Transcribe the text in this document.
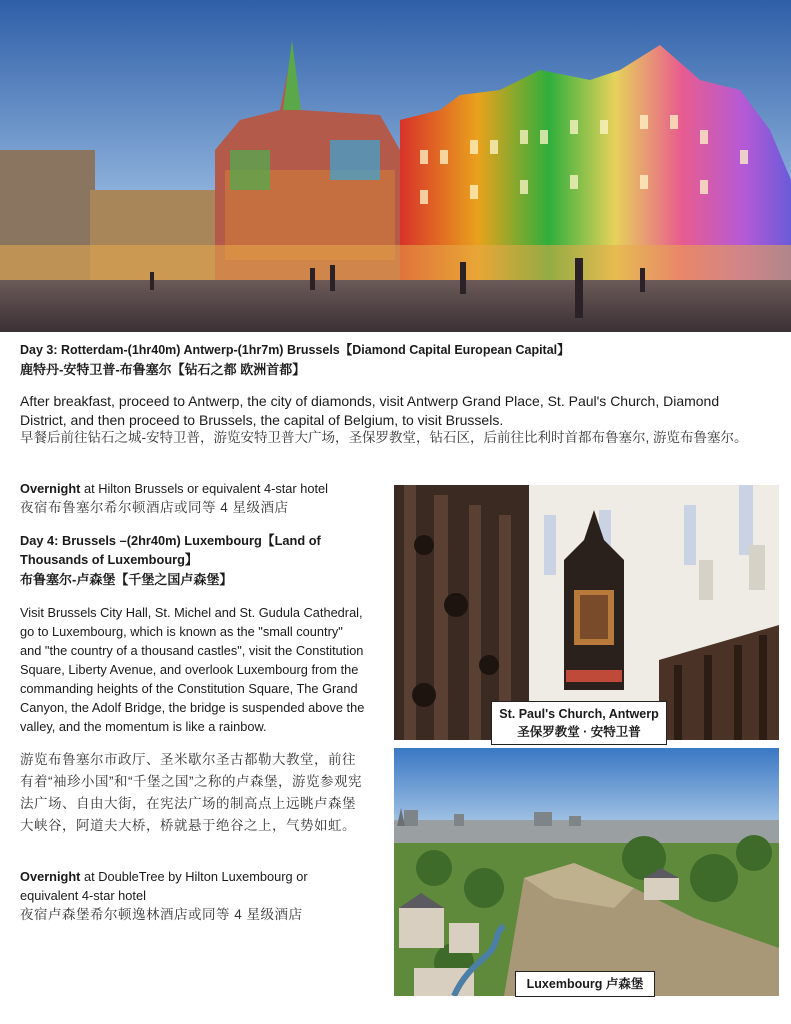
Day 3: Rotterdam-(1hr40m) Antwerp-(1hr7m) Brussels【Diamond Capital European Capital】
鹿特丹-安特卫普-布鲁塞尔【钻石之都 欧洲首都】
After breakfast, proceed to Antwerp, the city of diamonds, visit Antwerp Grand Place, St. Paul's Church, Diamond District, and then proceed to Brussels, the capital of Belgium, to visit Brussels.
早餐后前往钻石之城-安特卫普，游览安特卫普大广场，圣保罗教堂，钻石区，后前往比利时首都布鲁塞尔, 游览布鲁塞尔。
Overnight at Hilton Brussels or equivalent 4-star hotel
夜宿布鲁塞尔希尔顿酒店或同等 4 星级酒店
Day 4: Brussels –(2hr40m) Luxembourg【Land of Thousands of Luxembourg】
布鲁塞尔-卢森堡【千堡之国卢森堡】
Visit Brussels City Hall, St. Michel and St. Gudula Cathedral, go to Luxembourg, which is known as the "small country" and "the country of a thousand castles", visit the Constitution Square, Liberty Avenue, and overlook Luxembourg from the commanding heights of the Constitution Square, The Grand Canyon, the Adolf Bridge, the bridge is suspended above the valley, and the momentum is like a rainbow.
游览布鲁塞尔市政厅、圣米歇尔圣古都勒大教堂，前往有着“袖珍小国”和“千堡之国”之称的卢森堡，游览参观宪 法广场、自由大街，在宪法广场的制高点上远眺卢森堡 大峡谷，阿道夫大桥，桥就悬于绝谷之上，气势如虹。
Overnight at DoubleTree by Hilton Luxembourg or equivalent 4-star hotel
夜宿卢森堡希尔顿逸林酒店或同等 4 星级酒店
St. Paul's Church, Antwerp
圣保罗教堂 · 安特卫普
Luxembourg 卢森堡
